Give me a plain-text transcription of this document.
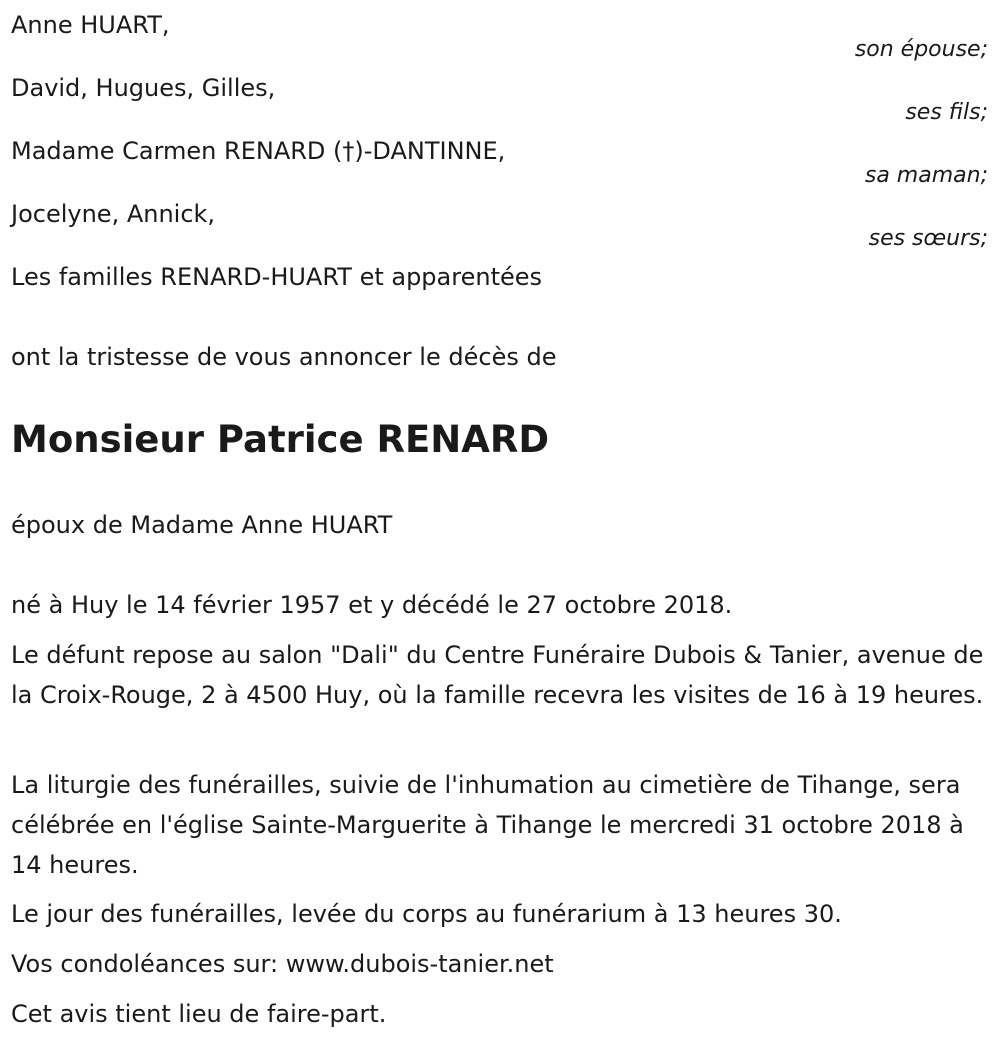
Anne HUART,
son épouse;
David, Hugues, Gilles,
ses fils;
Madame Carmen RENARD (†)-DANTINNE,
sa maman;
Jocelyne, Annick,
ses sœurs;
Les familles RENARD-HUART et apparentées
ont la tristesse de vous annoncer le décès de
Monsieur Patrice RENARD
époux de Madame Anne HUART
né à Huy le 14 février 1957 et y décédé le 27 octobre 2018.
Le défunt repose au salon "Dali" du Centre Funéraire Dubois & Tanier, avenue de la Croix-Rouge, 2 à 4500 Huy, où la famille recevra les visites de 16 à 19 heures.
La liturgie des funérailles, suivie de l'inhumation au cimetière de Tihange, sera célébrée en l'église Sainte-Marguerite à Tihange le mercredi 31 octobre 2018 à 14 heures.
Le jour des funérailles, levée du corps au funérarium à 13 heures 30.
Vos condoléances sur: www.dubois-tanier.net
Cet avis tient lieu de faire-part.
